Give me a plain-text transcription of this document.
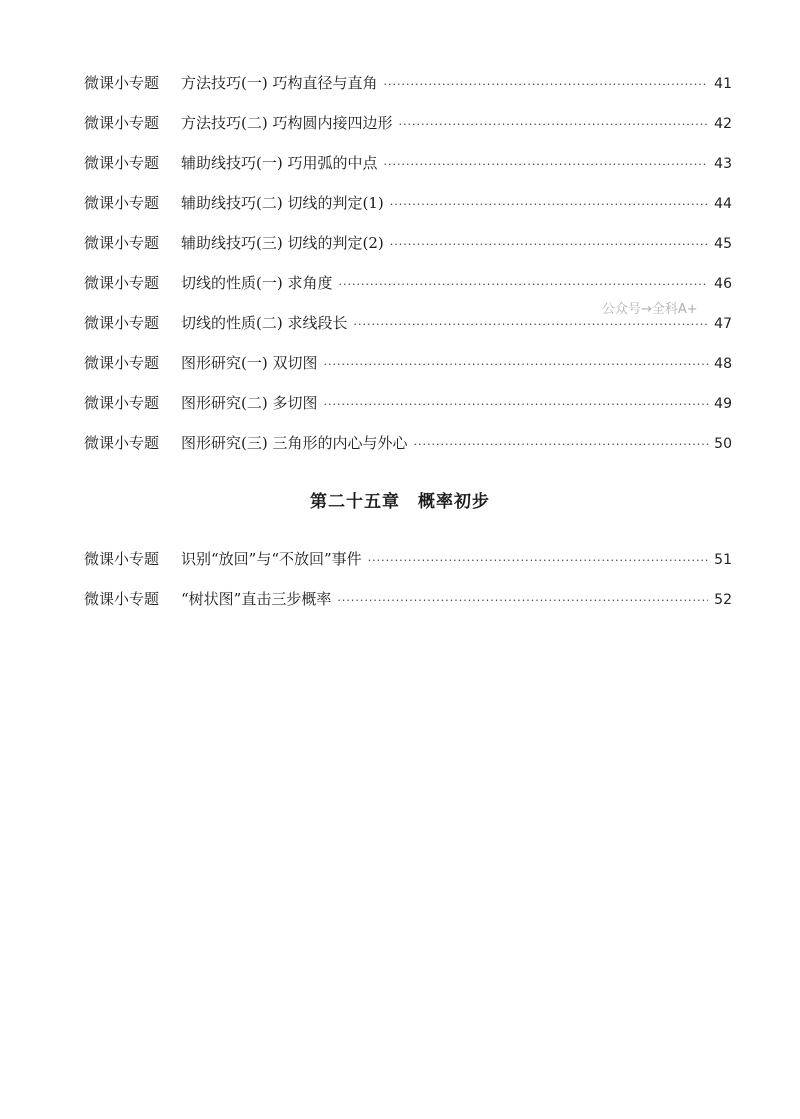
微课小专题	方法技巧(一) 巧构直径与直角 ·····	41
微课小专题	方法技巧(二) 巧构圆内接四边形 ·····	42
微课小专题	辅助线技巧(一) 巧用弧的中点 ·····	43
微课小专题	辅助线技巧(二) 切线的判定(1) ·····	44
微课小专题	辅助线技巧(三) 切线的判定(2) ·····	45
微课小专题	切线的性质(一) 求角度 ·····	46
微课小专题	切线的性质(二) 求线段长 ·····	47
微课小专题	图形研究(一) 双切图 ·····	48
微课小专题	图形研究(二) 多切图 ·····	49
微课小专题	图形研究(三) 三角形的内心与外心 ·····	50
公众号→全科A+
第二十五章　概率初步
微课小专题	识别“放回”与“不放回”事件 ·····	51
微课小专题	“树状图”直击三步概率 ·····	52
